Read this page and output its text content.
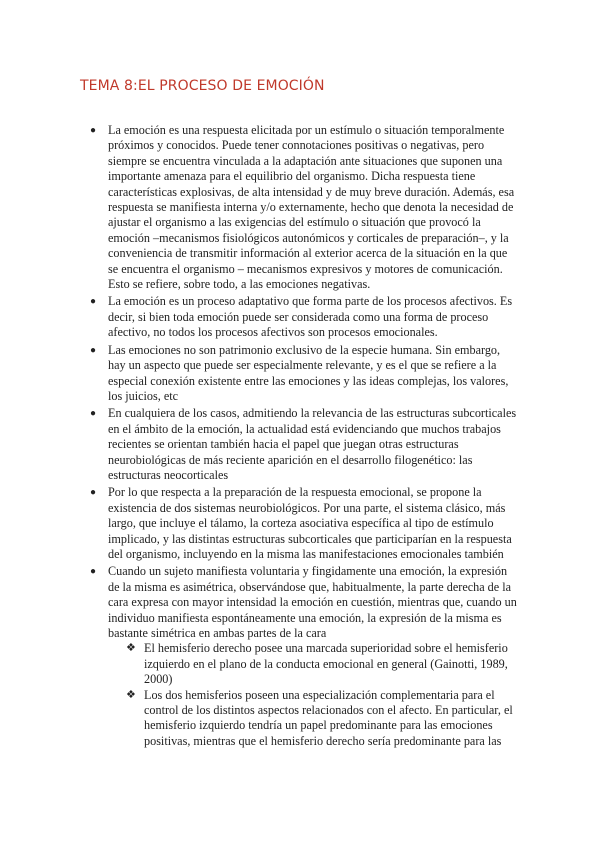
TEMA 8:EL PROCESO DE EMOCIÓN
● La emoción es una respuesta elicitada por un estímulo o situación temporalmente próximos y conocidos. Puede tener connotaciones positivas o negativas, pero siempre se encuentra vinculada a la adaptación ante situaciones que suponen una importante amenaza para el equilibrio del organismo. Dicha respuesta tiene características explosivas, de alta intensidad y de muy breve duración. Además, esa respuesta se manifiesta interna y/o externamente, hecho que denota la necesidad de ajustar el organismo a las exigencias del estímulo o situación que provocó la emoción –mecanismos fisiológicos autonómicos y corticales de preparación–, y la conveniencia de transmitir información al exterior acerca de la situación en la que se encuentra el organismo – mecanismos expresivos y motores de comunicación. Esto se refiere, sobre todo, a las emociones negativas.
● La emoción es un proceso adaptativo que forma parte de los procesos afectivos. Es decir, si bien toda emoción puede ser considerada como una forma de proceso afectivo, no todos los procesos afectivos son procesos emocionales.
● Las emociones no son patrimonio exclusivo de la especie humana. Sin embargo, hay un aspecto que puede ser especialmente relevante, y es el que se refiere a la especial conexión existente entre las emociones y las ideas complejas, los valores, los juicios, etc
● En cualquiera de los casos, admitiendo la relevancia de las estructuras subcorticales en el ámbito de la emoción, la actualidad está evidenciando que muchos trabajos recientes se orientan también hacia el papel que juegan otras estructuras neurobiológicas de más reciente aparición en el desarrollo filogenético: las estructuras neocorticales
● Por lo que respecta a la preparación de la respuesta emocional, se propone la existencia de dos sistemas neurobiológicos. Por una parte, el sistema clásico, más largo, que incluye el tálamo, la corteza asociativa específica al tipo de estímulo implicado, y las distintas estructuras subcorticales que participarían en la respuesta del organismo, incluyendo en la misma las manifestaciones emocionales también
● Cuando un sujeto manifiesta voluntaria y fingidamente una emoción, la expresión de la misma es asimétrica, observándose que, habitualmente, la parte derecha de la cara expresa con mayor intensidad la emoción en cuestión, mientras que, cuando un individuo manifiesta espontáneamente una emoción, la expresión de la misma es bastante simétrica en ambas partes de la cara
❖ El hemisferio derecho posee una marcada superioridad sobre el hemisferio izquierdo en el plano de la conducta emocional en general (Gainotti, 1989, 2000)
❖ Los dos hemisferios poseen una especialización complementaria para el control de los distintos aspectos relacionados con el afecto. En particular, el hemisferio izquierdo tendría un papel predominante para las emociones positivas, mientras que el hemisferio derecho sería predominante para las
